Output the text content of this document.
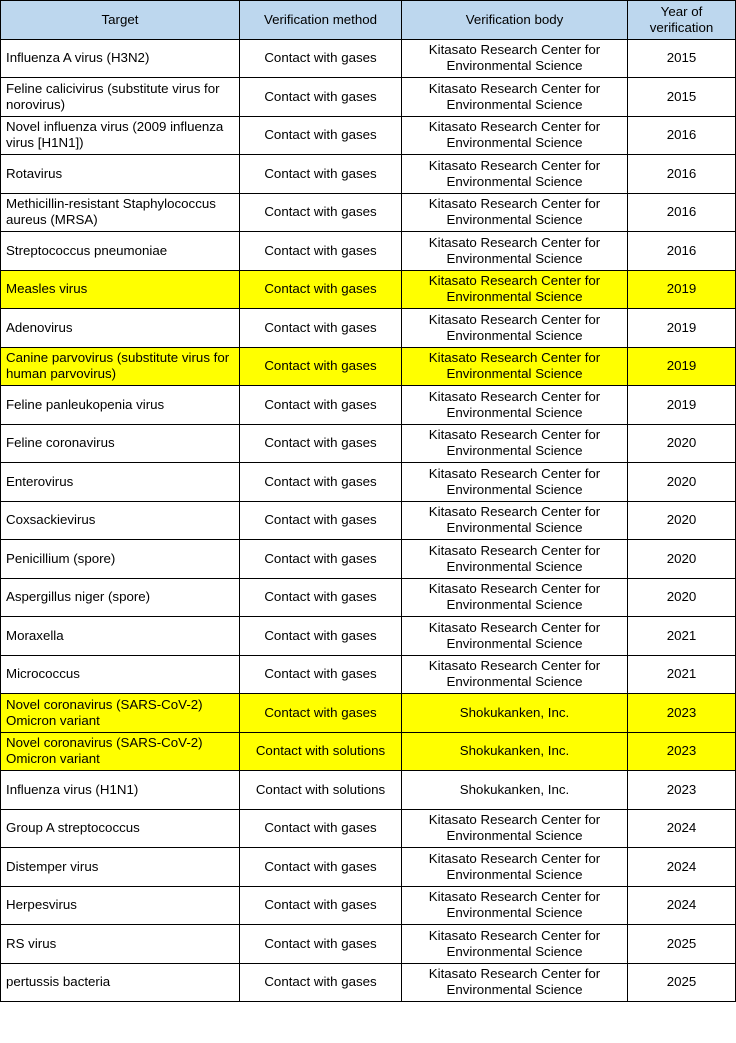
Target	Verification method	Verification body	Year of verification
Influenza A virus (H3N2)	Contact with gases	Kitasato Research Center for Environmental Science	2015
Feline calicivirus (substitute virus for norovirus)	Contact with gases	Kitasato Research Center for Environmental Science	2015
Novel influenza virus (2009 influenza virus [H1N1])	Contact with gases	Kitasato Research Center for Environmental Science	2016
Rotavirus	Contact with gases	Kitasato Research Center for Environmental Science	2016
Methicillin-resistant Staphylococcus aureus (MRSA)	Contact with gases	Kitasato Research Center for Environmental Science	2016
Streptococcus pneumoniae	Contact with gases	Kitasato Research Center for Environmental Science	2016
Measles virus	Contact with gases	Kitasato Research Center for Environmental Science	2019
Adenovirus	Contact with gases	Kitasato Research Center for Environmental Science	2019
Canine parvovirus (substitute virus for human parvovirus)	Contact with gases	Kitasato Research Center for Environmental Science	2019
Feline panleukopenia virus	Contact with gases	Kitasato Research Center for Environmental Science	2019
Feline coronavirus	Contact with gases	Kitasato Research Center for Environmental Science	2020
Enterovirus	Contact with gases	Kitasato Research Center for Environmental Science	2020
Coxsackievirus	Contact with gases	Kitasato Research Center for Environmental Science	2020
Penicillium (spore)	Contact with gases	Kitasato Research Center for Environmental Science	2020
Aspergillus niger (spore)	Contact with gases	Kitasato Research Center for Environmental Science	2020
Moraxella	Contact with gases	Kitasato Research Center for Environmental Science	2021
Micrococcus	Contact with gases	Kitasato Research Center for Environmental Science	2021
Novel coronavirus (SARS-CoV-2) Omicron variant	Contact with gases	Shokukanken, Inc.	2023
Novel coronavirus (SARS-CoV-2) Omicron variant	Contact with solutions	Shokukanken, Inc.	2023
Influenza virus (H1N1)	Contact with solutions	Shokukanken, Inc.	2023
Group A streptococcus	Contact with gases	Kitasato Research Center for Environmental Science	2024
Distemper virus	Contact with gases	Kitasato Research Center for Environmental Science	2024
Herpesvirus	Contact with gases	Kitasato Research Center for Environmental Science	2024
RS virus	Contact with gases	Kitasato Research Center for Environmental Science	2025
pertussis bacteria	Contact with gases	Kitasato Research Center for Environmental Science	2025
